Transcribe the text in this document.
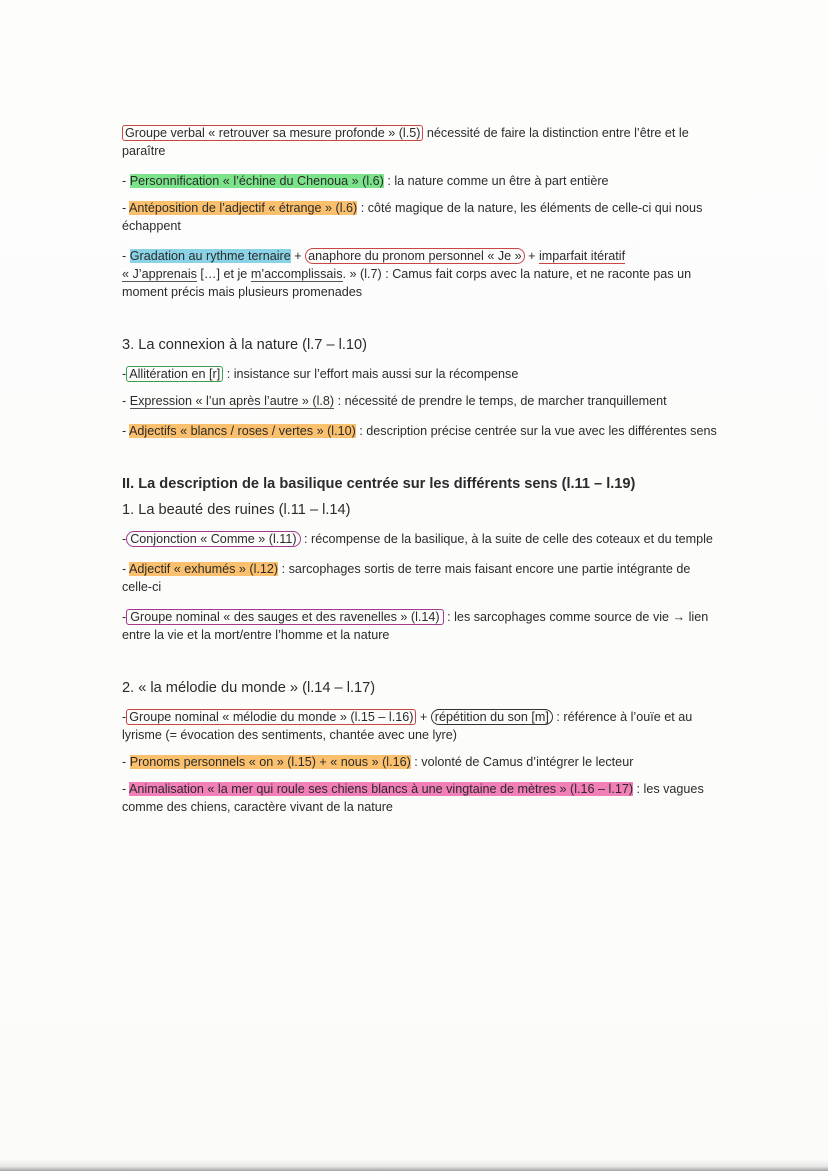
Groupe verbal « retrouver sa mesure profonde » (l.5) nécessité de faire la distinction entre l’être et le paraître

- Personnification « l’échine du Chenoua » (l.6) : la nature comme un être à part entière

- Antéposition de l’adjectif « étrange » (l.6) : côté magique de la nature, les éléments de celle-ci qui nous échappent

- Gradation au rythme ternaire + anaphore du pronom personnel « Je » + imparfait itératif
« J’apprenais […] et je m’accomplissais. » (l.7) : Camus fait corps avec la nature, et ne raconte pas un moment précis mais plusieurs promenades

3. La connexion à la nature (l.7 – l.10)

- Allitération en [r] : insistance sur l’effort mais aussi sur la récompense

- Expression « l’un après l’autre » (l.8) : nécessité de prendre le temps, de marcher tranquillement

- Adjectifs « blancs / roses / vertes » (l.10) : description précise centrée sur la vue avec les différentes sens

II. La description de la basilique centrée sur les différents sens (l.11 – l.19)
1. La beauté des ruines (l.11 – l.14)

- Conjonction « Comme » (l.11) : récompense de la basilique, à la suite de celle des coteaux et du temple

- Adjectif « exhumés » (l.12) : sarcophages sortis de terre mais faisant encore une partie intégrante de celle-ci

- Groupe nominal « des sauges et des ravenelles » (l.14) : les sarcophages comme source de vie → lien entre la vie et la mort/entre l’homme et la nature

2. « la mélodie du monde » (l.14 – l.17)

- Groupe nominal « mélodie du monde » (l.15 – l.16) + répétition du son [m] : référence à l’ouïe et au lyrisme (= évocation des sentiments, chantée avec une lyre)

- Pronoms personnels « on » (l.15) + « nous » (l.16) : volonté de Camus d’intégrer le lecteur

- Animalisation « la mer qui roule ses chiens blancs à une vingtaine de mètres » (l.16 – l.17) : les vagues comme des chiens, caractère vivant de la nature
